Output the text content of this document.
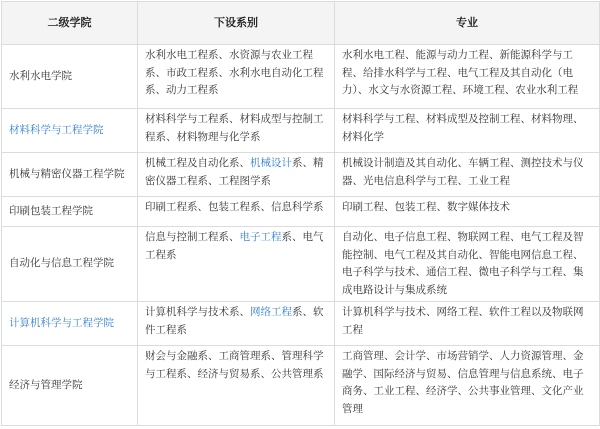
二级学院	下设系别	专业
水利水电学院	水利水电工程系、水资源与农业工程系、市政工程系、水利水电自动化工程系、动力工程系	水利水电工程、能源与动力工程、新能源科学与工程、给排水科学与工程、电气工程及其自动化（电力）、水文与水资源工程、环境工程、农业水利工程
材料科学与工程学院	材料科学与工程系、材料成型与控制工程系、材料物理与化学系	材料科学与工程、材料成型及控制工程、材料物理、材料化学
机械与精密仪器工程学院	机械工程及自动化系、机械设计系、精密仪器工程系、工程图学系	机械设计制造及其自动化、车辆工程、测控技术与仪器、光电信息科学与工程、工业工程
印刷包装工程学院	印刷工程系、包装工程系、信息科学系	印刷工程、包装工程、数字媒体技术
自动化与信息工程学院	信息与控制工程系、电子工程系、电气工程系	自动化、电子信息工程、物联网工程、电气工程及智能控制、电气工程及其自动化、智能电网信息工程、电子科学与技术、通信工程、微电子科学与工程、集成电路设计与集成系统
计算机科学与工程学院	计算机科学与技术系、网络工程系、软件工程系	计算机科学与技术、网络工程、软件工程以及物联网工程
经济与管理学院	财会与金融系、工商管理系、管理科学与工程系、经济与贸易系、公共管理系	工商管理、会计学、市场营销学、人力资源管理、金融学、国际经济与贸易、信息管理与信息系统、电子商务、工业工程、经济学、公共事业管理、文化产业管理
